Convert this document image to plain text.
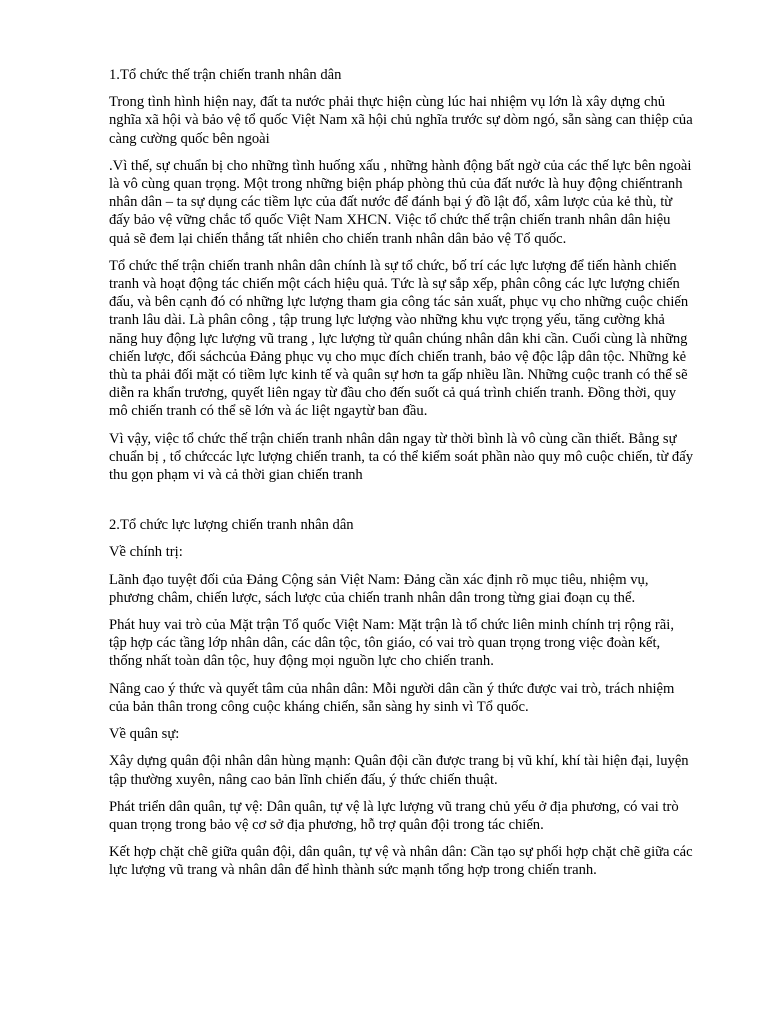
1.Tổ chức thế trận chiến tranh nhân dân

Trong tình hình hiện nay, đất ta nước phải thực hiện cùng lúc hai nhiệm vụ lớn là xây dựng chủ nghĩa xã hội và bảo vệ tổ quốc Việt Nam xã hội chủ nghĩa trước sự dòm ngó, sẵn sàng can thiệp của càng cường quốc bên ngoài

.Vì thế, sự chuẩn bị cho những tình huống xấu , những hành động bất ngờ của các thế lực bên ngoài là vô cùng quan trọng. Một trong những biện pháp phòng thủ của đất nước là huy động chiếntranh nhân dân – ta sự dụng các tiềm lực của đất nước để đánh bại ý đồ lật đổ, xâm lược của kẻ thù, từ đấy bảo vệ vững chắc tổ quốc Việt Nam XHCN. Việc tổ chức thế trận chiến tranh nhân dân hiệu quả sẽ đem lại chiến thắng tất nhiên cho chiến tranh nhân dân bảo vệ Tổ quốc.

Tổ chức thế trận chiến tranh nhân dân chính là sự tổ chức, bố trí các lực lượng để tiến hành chiến tranh và hoạt động tác chiến một cách hiệu quả. Tức là sự sắp xếp, phân công các lực lượng chiến đấu, và bên cạnh đó có những lực lượng tham gia công tác sản xuất, phục vụ cho những cuộc chiến tranh lâu dài. Là phân công , tập trung lực lượng vào những khu vực trọng yếu, tăng cường khả năng huy động lực lượng vũ trang , lực lượng từ quân chúng nhân dân khi cần. Cuối cùng là những chiến lược, đối sáchcủa Đảng phục vụ cho mục đích chiến tranh, bảo vệ độc lập dân tộc. Những kẻ thù ta phải đối mặt có tiềm lực kinh tế và quân sự hơn ta gấp nhiều lần. Những cuộc tranh có thể sẽ diễn ra khẩn trương, quyết liên ngay từ đầu cho đến suốt cả quá trình chiến tranh. Đồng thời, quy mô chiến tranh có thể sẽ lớn và ác liệt ngaytừ ban đầu.

Vì vậy, việc tổ chức thế trận chiến tranh nhân dân ngay từ thời bình là vô cùng cần thiết. Bằng sự chuẩn bị , tổ chứccác lực lượng chiến tranh, ta có thể kiểm soát phần nào quy mô cuộc chiến, từ đấy thu gọn phạm vi và cả thời gian chiến tranh

2.Tổ chức lực lượng chiến tranh nhân dân

Về chính trị:

Lãnh đạo tuyệt đối của Đảng Cộng sản Việt Nam: Đảng cần xác định rõ mục tiêu, nhiệm vụ, phương châm, chiến lược, sách lược của chiến tranh nhân dân trong từng giai đoạn cụ thể.

Phát huy vai trò của Mặt trận Tổ quốc Việt Nam: Mặt trận là tổ chức liên minh chính trị rộng rãi, tập hợp các tầng lớp nhân dân, các dân tộc, tôn giáo, có vai trò quan trọng trong việc đoàn kết, thống nhất toàn dân tộc, huy động mọi nguồn lực cho chiến tranh.

Nâng cao ý thức và quyết tâm của nhân dân: Mỗi người dân cần ý thức được vai trò, trách nhiệm của bản thân trong công cuộc kháng chiến, sẵn sàng hy sinh vì Tổ quốc.

Về quân sự:

Xây dựng quân đội nhân dân hùng mạnh: Quân đội cần được trang bị vũ khí, khí tài hiện đại, luyện tập thường xuyên, nâng cao bản lĩnh chiến đấu, ý thức chiến thuật.

Phát triển dân quân, tự vệ: Dân quân, tự vệ là lực lượng vũ trang chủ yếu ở địa phương, có vai trò quan trọng trong bảo vệ cơ sở địa phương, hỗ trợ quân đội trong tác chiến.

Kết hợp chặt chẽ giữa quân đội, dân quân, tự vệ và nhân dân: Cần tạo sự phối hợp chặt chẽ giữa các lực lượng vũ trang và nhân dân để hình thành sức mạnh tổng hợp trong chiến tranh.
